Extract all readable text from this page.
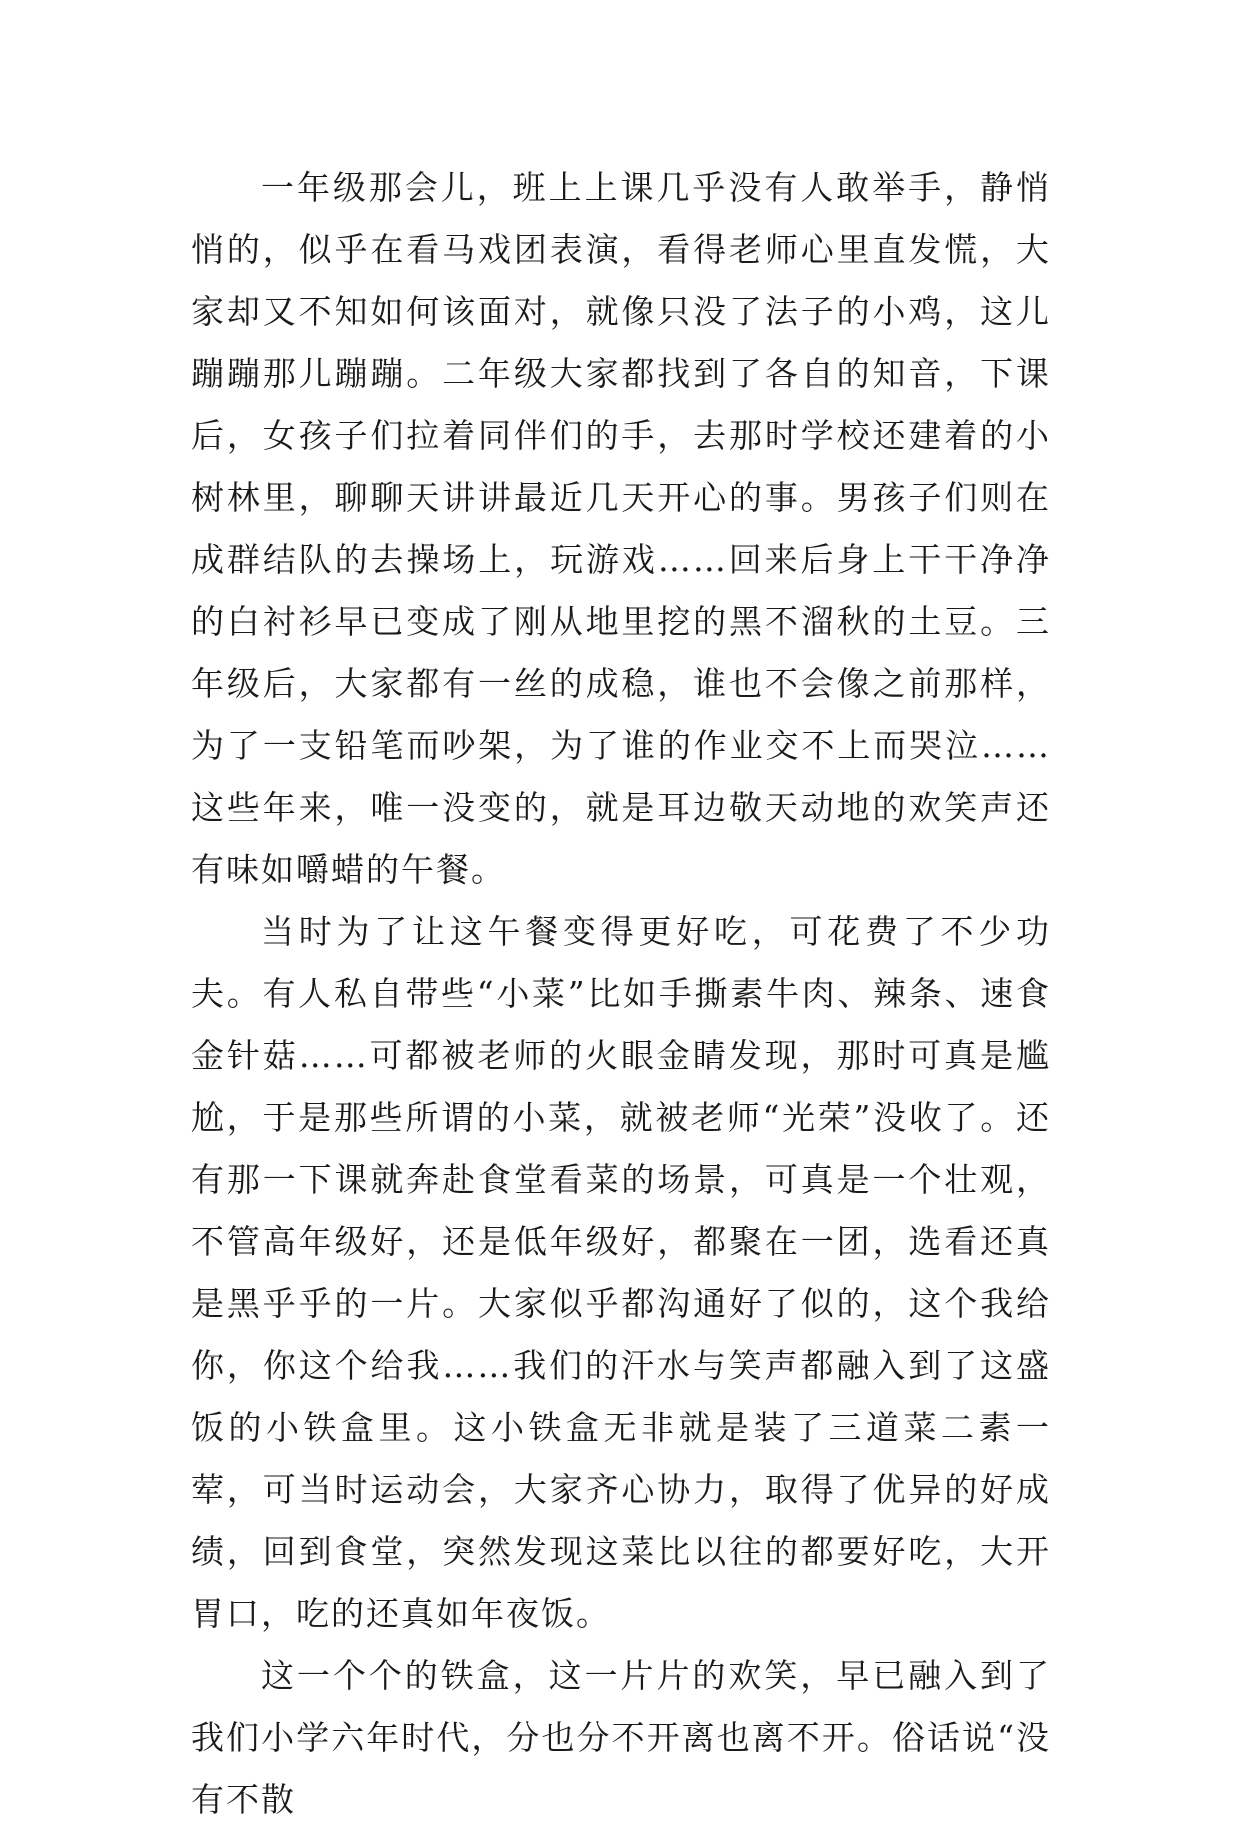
一年级那会儿，班上上课几乎没有人敢举手，静悄悄的，似乎在看马戏团表演，看得老师心里直发慌，大家却又不知如何该面对，就像只没了法子的小鸡，这儿蹦蹦那儿蹦蹦。二年级大家都找到了各自的知音，下课后，女孩子们拉着同伴们的手，去那时学校还建着的小树林里，聊聊天讲讲最近几天开心的事。男孩子们则在成群结队的去操场上，玩游戏……回来后身上干干净净的白衬衫早已变成了刚从地里挖的黑不溜秋的土豆。三年级后，大家都有一丝的成稳，谁也不会像之前那样，为了一支铅笔而吵架，为了谁的作业交不上而哭泣……这些年来，唯一没变的，就是耳边敬天动地的欢笑声还有味如嚼蜡的午餐。

当时为了让这午餐变得更好吃，可花费了不少功夫。有人私自带些“小菜”比如手撕素牛肉、辣条、速食金针菇……可都被老师的火眼金睛发现，那时可真是尴尬，于是那些所谓的小菜，就被老师“光荣”没收了。还有那一下课就奔赴食堂看菜的场景，可真是一个壮观，不管高年级好，还是低年级好，都聚在一团，选看还真是黑乎乎的一片。大家似乎都沟通好了似的，这个我给你，你这个给我……我们的汗水与笑声都融入到了这盛饭的小铁盒里。这小铁盒无非就是装了三道菜二素一荤，可当时运动会，大家齐心协力，取得了优异的好成绩，回到食堂，突然发现这菜比以往的都要好吃，大开胃口，吃的还真如年夜饭。

这一个个的铁盒，这一片片的欢笑，早已融入到了我们小学六年时代，分也分不开离也离不开。俗话说“没有不散
